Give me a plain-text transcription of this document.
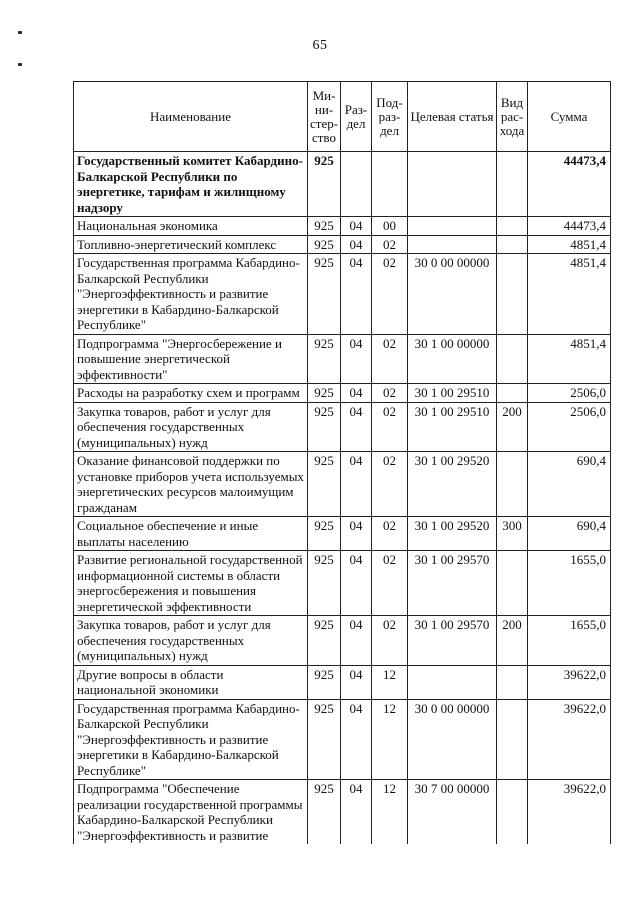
65
Наименование	Ми- ни- стер- ство	Раз- дел	Под- раз- дел	Целевая статья	Вид рас- хода	Сумма
Государственный комитет Кабардино-Балкарской Республики по энергетике, тарифам и жилищному надзору	925					44473,4
Национальная экономика	925	04	00			44473,4
Топливно-энергетический комплекс	925	04	02			4851,4
Государственная программа Кабардино-Балкарской Республики "Энергоэффективность и развитие энергетики в Кабардино-Балкарской Республике"	925	04	02	30 0 00 00000		4851,4
Подпрограмма "Энергосбережение и повышение энергетической эффективности"	925	04	02	30 1 00 00000		4851,4
Расходы на разработку схем и программ	925	04	02	30 1 00 29510		2506,0
Закупка товаров, работ и услуг для обеспечения государственных (муниципальных) нужд	925	04	02	30 1 00 29510	200	2506,0
Оказание финансовой поддержки по установке приборов учета используемых энергетических ресурсов малоимущим гражданам	925	04	02	30 1 00 29520		690,4
Социальное обеспечение и иные выплаты населению	925	04	02	30 1 00 29520	300	690,4
Развитие региональной государственной информационной системы в области энергосбережения и повышения энергетической эффективности	925	04	02	30 1 00 29570		1655,0
Закупка товаров, работ и услуг для обеспечения государственных (муниципальных) нужд	925	04	02	30 1 00 29570	200	1655,0
Другие вопросы в области национальной экономики	925	04	12			39622,0
Государственная программа Кабардино-Балкарской Республики "Энергоэффективность и развитие энергетики в Кабардино-Балкарской Республике"	925	04	12	30 0 00 00000		39622,0
Подпрограмма "Обеспечение реализации государственной программы Кабардино-Балкарской Республики "Энергоэффективность и развитие	925	04	12	30 7 00 00000		39622,0
